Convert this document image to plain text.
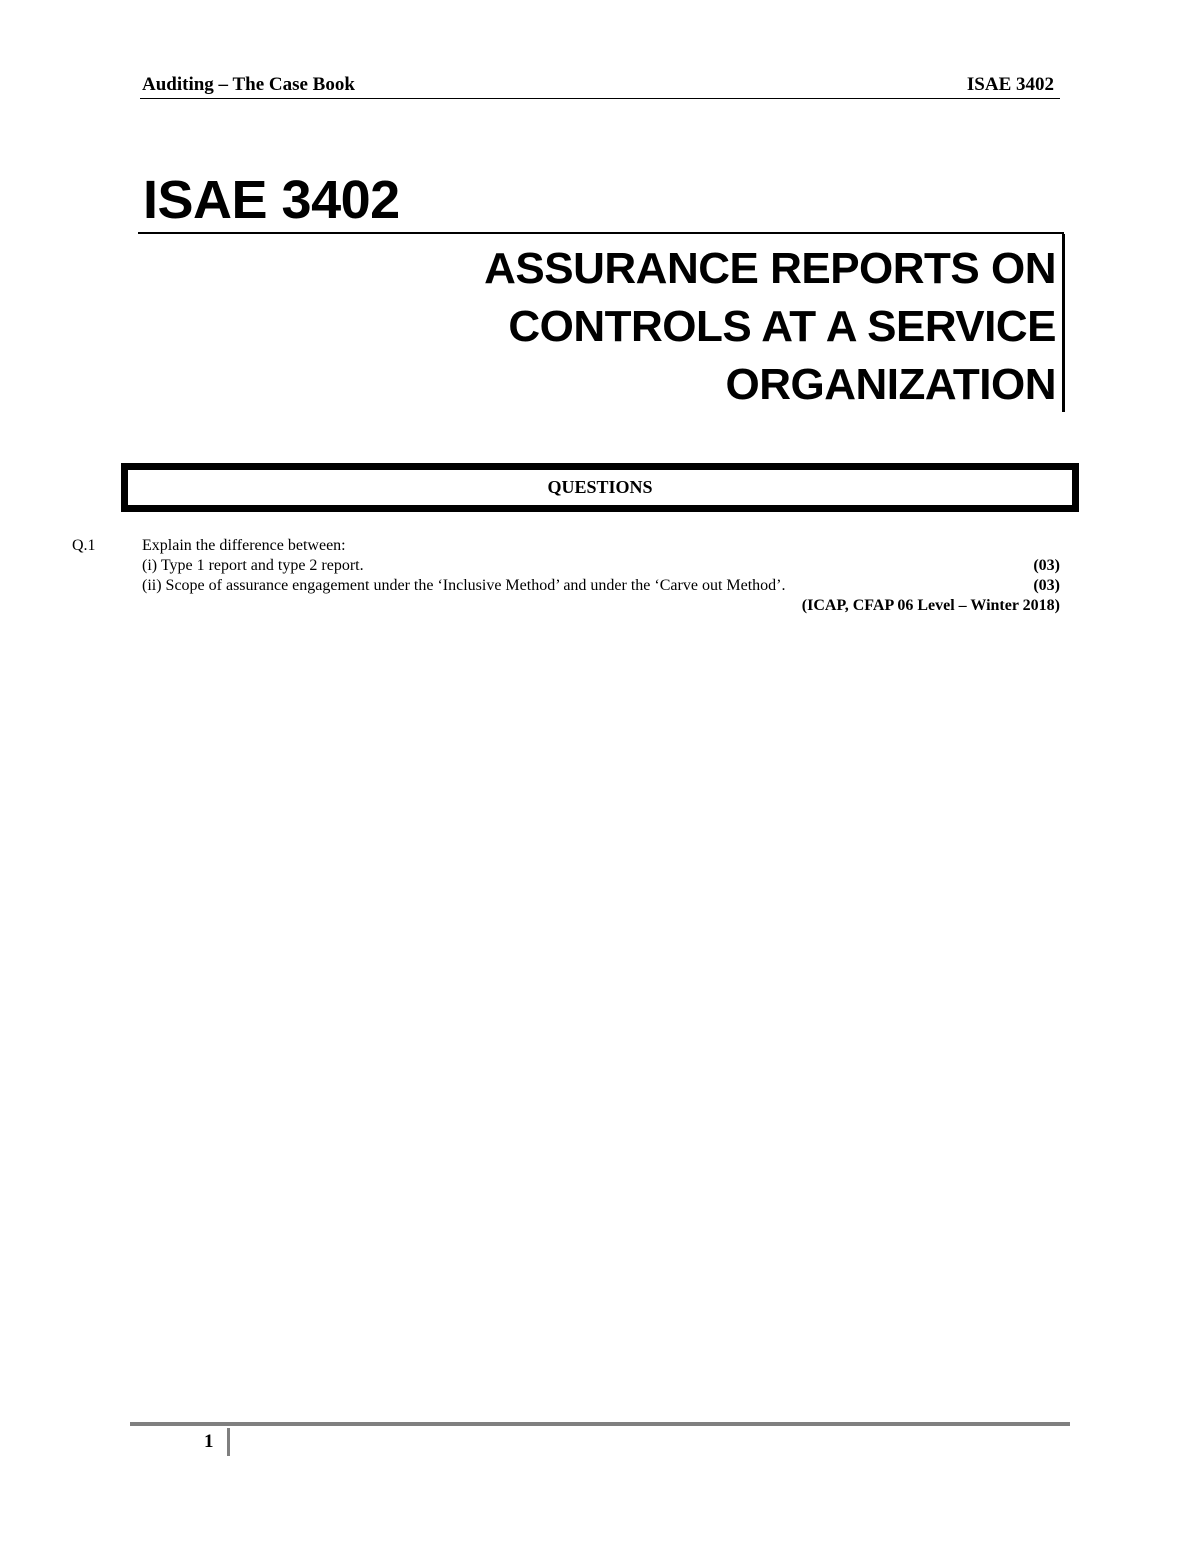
Auditing – The Case Book	ISAE 3402
ISAE 3402
ASSURANCE REPORTS ON
CONTROLS AT A SERVICE
ORGANIZATION
QUESTIONS
Q.1	Explain the difference between:
(i) Type 1 report and type 2 report.	(03)
(ii) Scope of assurance engagement under the ‘Inclusive Method’ and under the ‘Carve out Method’.	(03)
(ICAP, CFAP 06 Level – Winter 2018)
1
